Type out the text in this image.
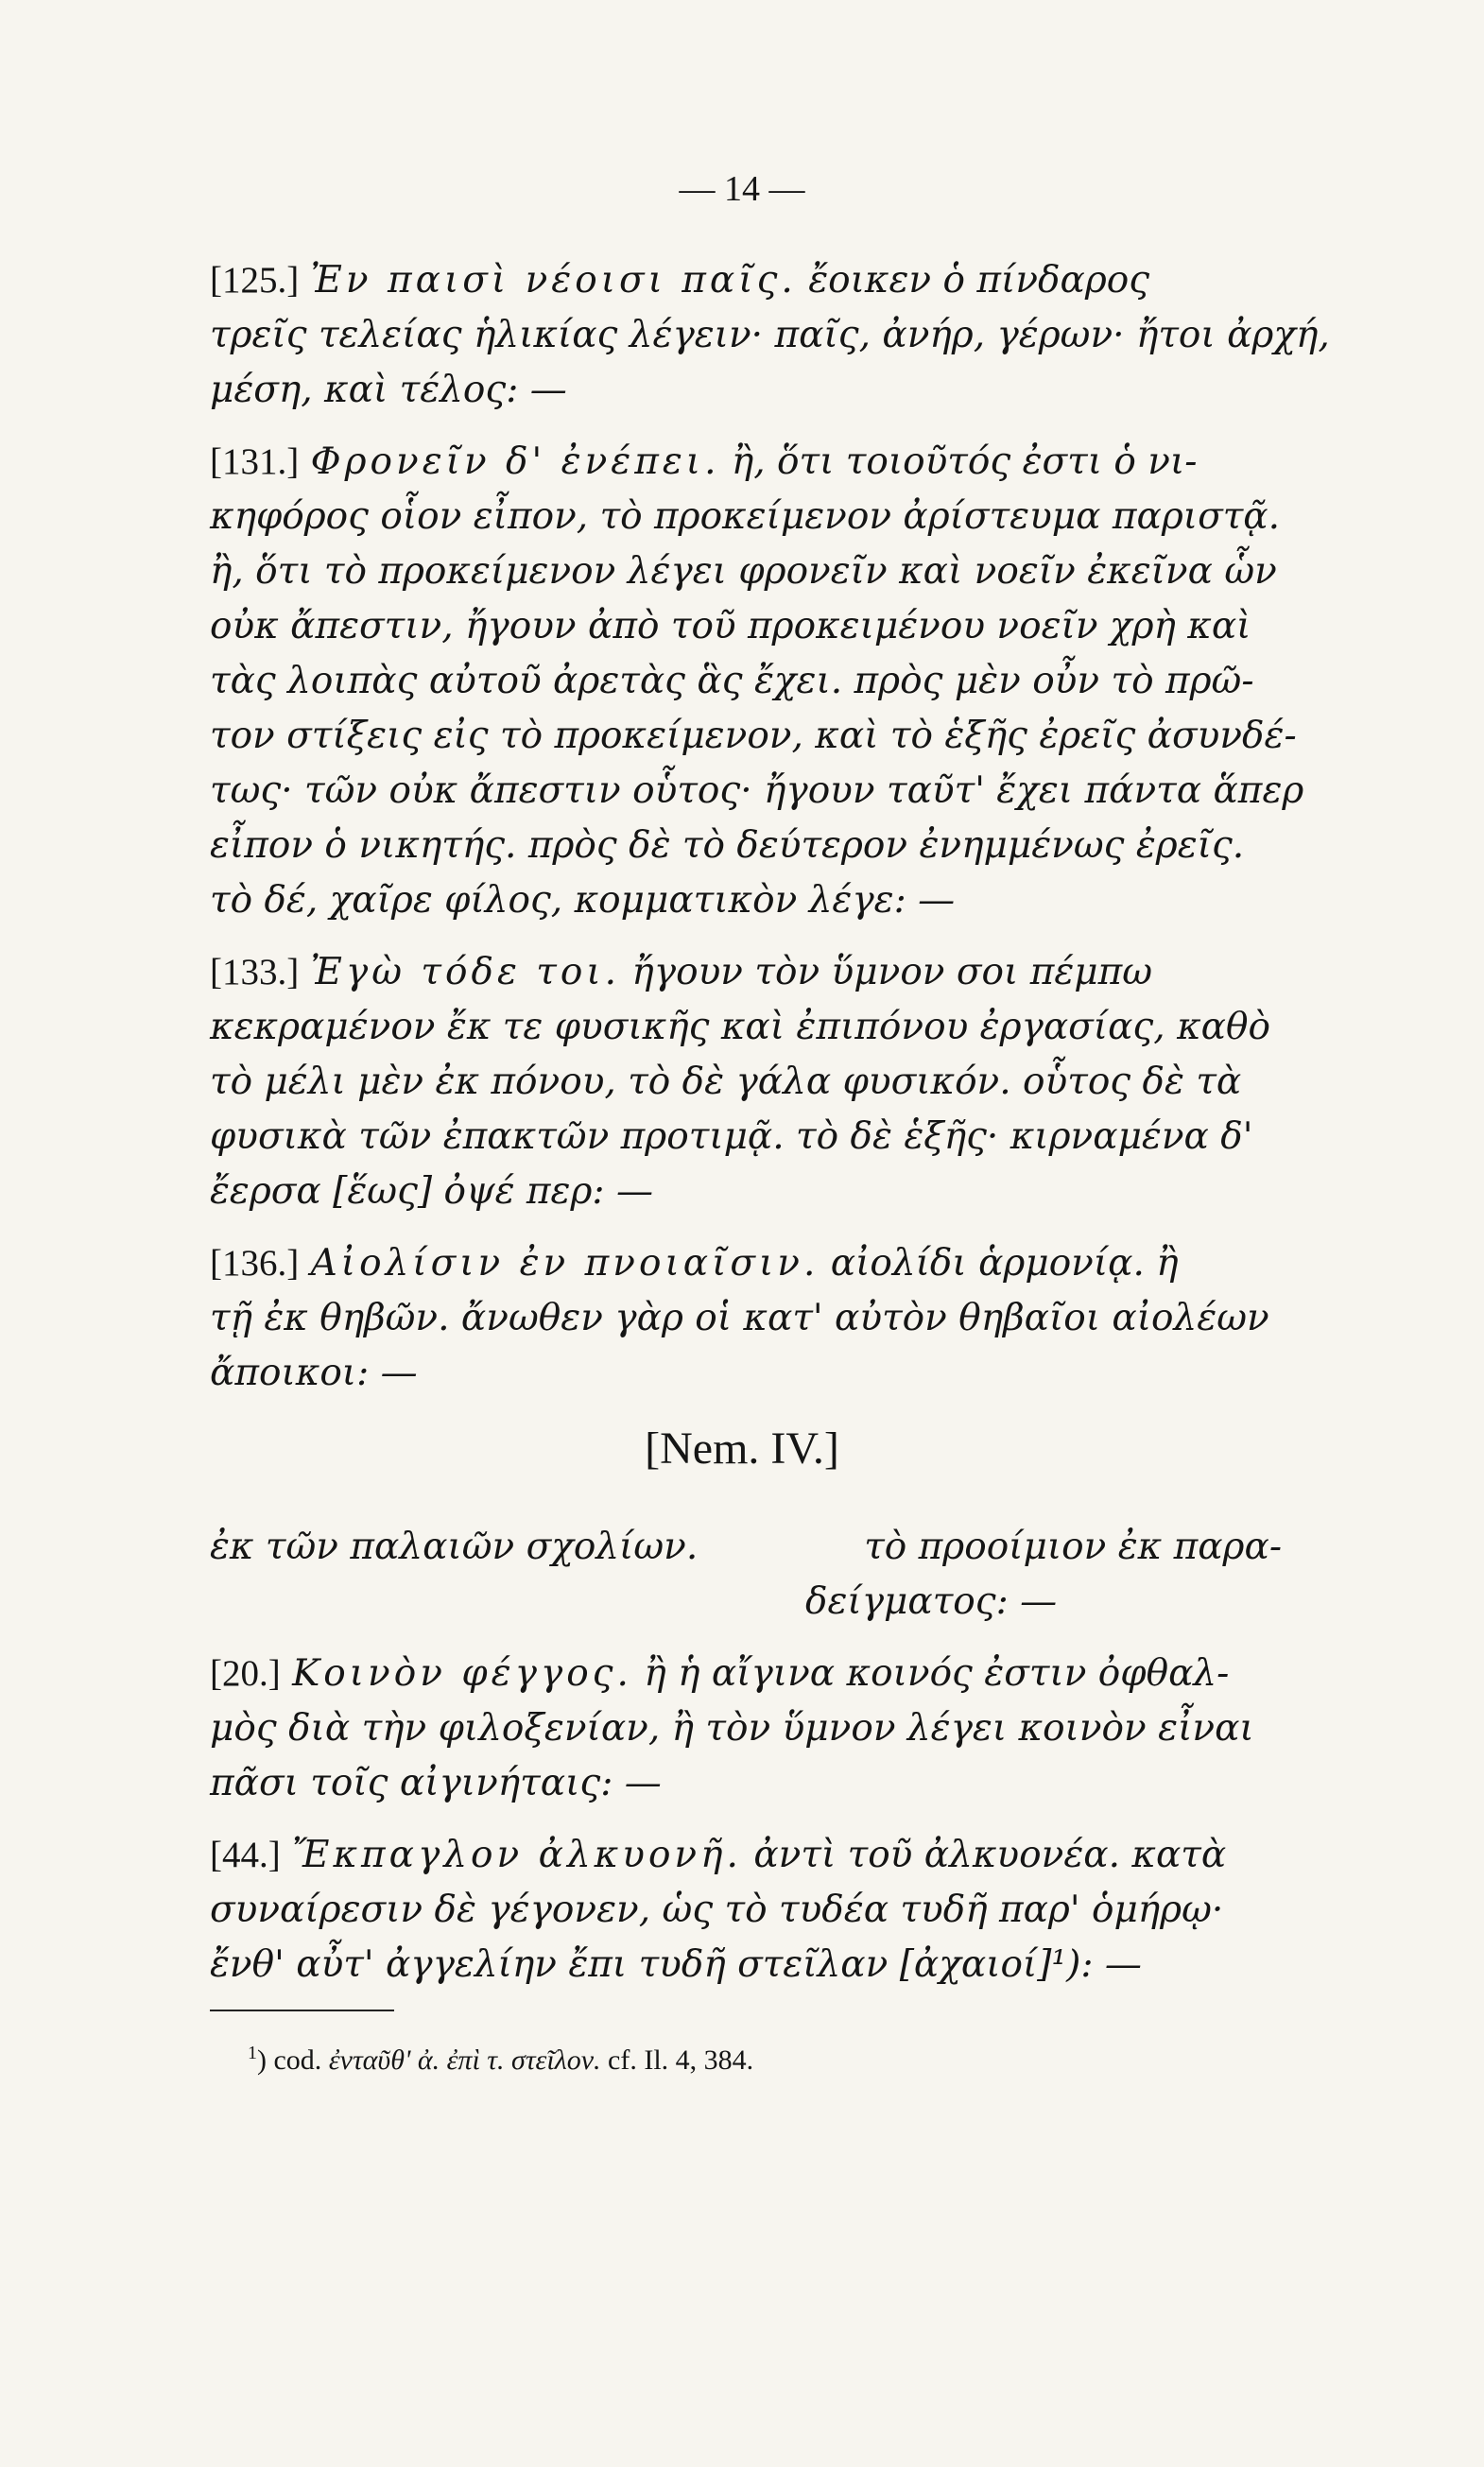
— 14 —
[125.] Ἐν παισὶ νέοισι παῖς. ἔοικεν ὁ πίνδαρος
τρεῖς τελείας ἡλικίας λέγειν· παῖς, ἀνήρ, γέρων· ἤτοι ἀρχή,
μέση, καὶ τέλος: —
[131.] Φρονεῖν δ' ἐνέπει. ἢ, ὅτι τοιοῦτός ἐστι ὁ νι-
κηφόρος οἷον εἶπον, τὸ προκείμενον ἀρίστευμα παριστᾷ.
ἢ, ὅτι τὸ προκείμενον λέγει φρονεῖν καὶ νοεῖν ἐκεῖνα ὧν
οὐκ ἄπεστιν, ἤγουν ἀπὸ τοῦ προκειμένου νοεῖν χρὴ καὶ
τὰς λοιπὰς αὐτοῦ ἀρετὰς ἃς ἔχει. πρὸς μὲν οὖν τὸ πρῶ-
τον στίξεις εἰς τὸ προκείμενον, καὶ τὸ ἑξῆς ἐρεῖς ἀσυνδέ-
τως· τῶν οὐκ ἄπεστιν οὗτος· ἤγουν ταῦτ' ἔχει πάντα ἅπερ
εἶπον ὁ νικητής. πρὸς δὲ τὸ δεύτερον ἐνημμένως ἐρεῖς.
τὸ δέ, χαῖρε φίλος, κομματικὸν λέγε: —
[133.] Ἐγὼ τόδε τοι. ἤγουν τὸν ὕμνον σοι πέμπω
κεκραμένον ἔκ τε φυσικῆς καὶ ἐπιπόνου ἐργασίας, καθὸ
τὸ μέλι μὲν ἐκ πόνου, τὸ δὲ γάλα φυσικόν. οὗτος δὲ τὰ
φυσικὰ τῶν ἐπακτῶν προτιμᾷ. τὸ δὲ ἑξῆς· κιρναμένα δ'
ἔερσα [ἕως] ὀψέ περ: —
[136.] Αἰολίσιν ἐν πνοιαῖσιν. αἰολίδι ἁρμονίᾳ. ἢ
τῇ ἐκ θηβῶν. ἄνωθεν γὰρ οἱ κατ' αὐτὸν θηβαῖοι αἰολέων
ἄποικοι: —
[Nem. IV.]
ἐκ τῶν παλαιῶν σχολίων.	τὸ προοίμιον ἐκ παρα-
δείγματος: —
[20.] Κοινὸν φέγγος. ἢ ἡ αἴγινα κοινός ἐστιν ὀφθαλ-
μὸς διὰ τὴν φιλοξενίαν, ἢ τὸν ὕμνον λέγει κοινὸν εἶναι
πᾶσι τοῖς αἰγινήταις: —
[44.] Ἔκπαγλον ἀλκυονῆ. ἀντὶ τοῦ ἀλκυονέα. κατὰ
συναίρεσιν δὲ γέγονεν, ὡς τὸ τυδέα τυδῆ παρ' ὁμήρῳ·
ἔνθ' αὖτ' ἀγγελίην ἔπι τυδῆ στεῖλαν [ἀχαιοί]¹): —
$^1$) cod. ἐνταῦθ' ἀ. ἐπὶ τ. στεῖλον. cf. Il. 4, 384.
